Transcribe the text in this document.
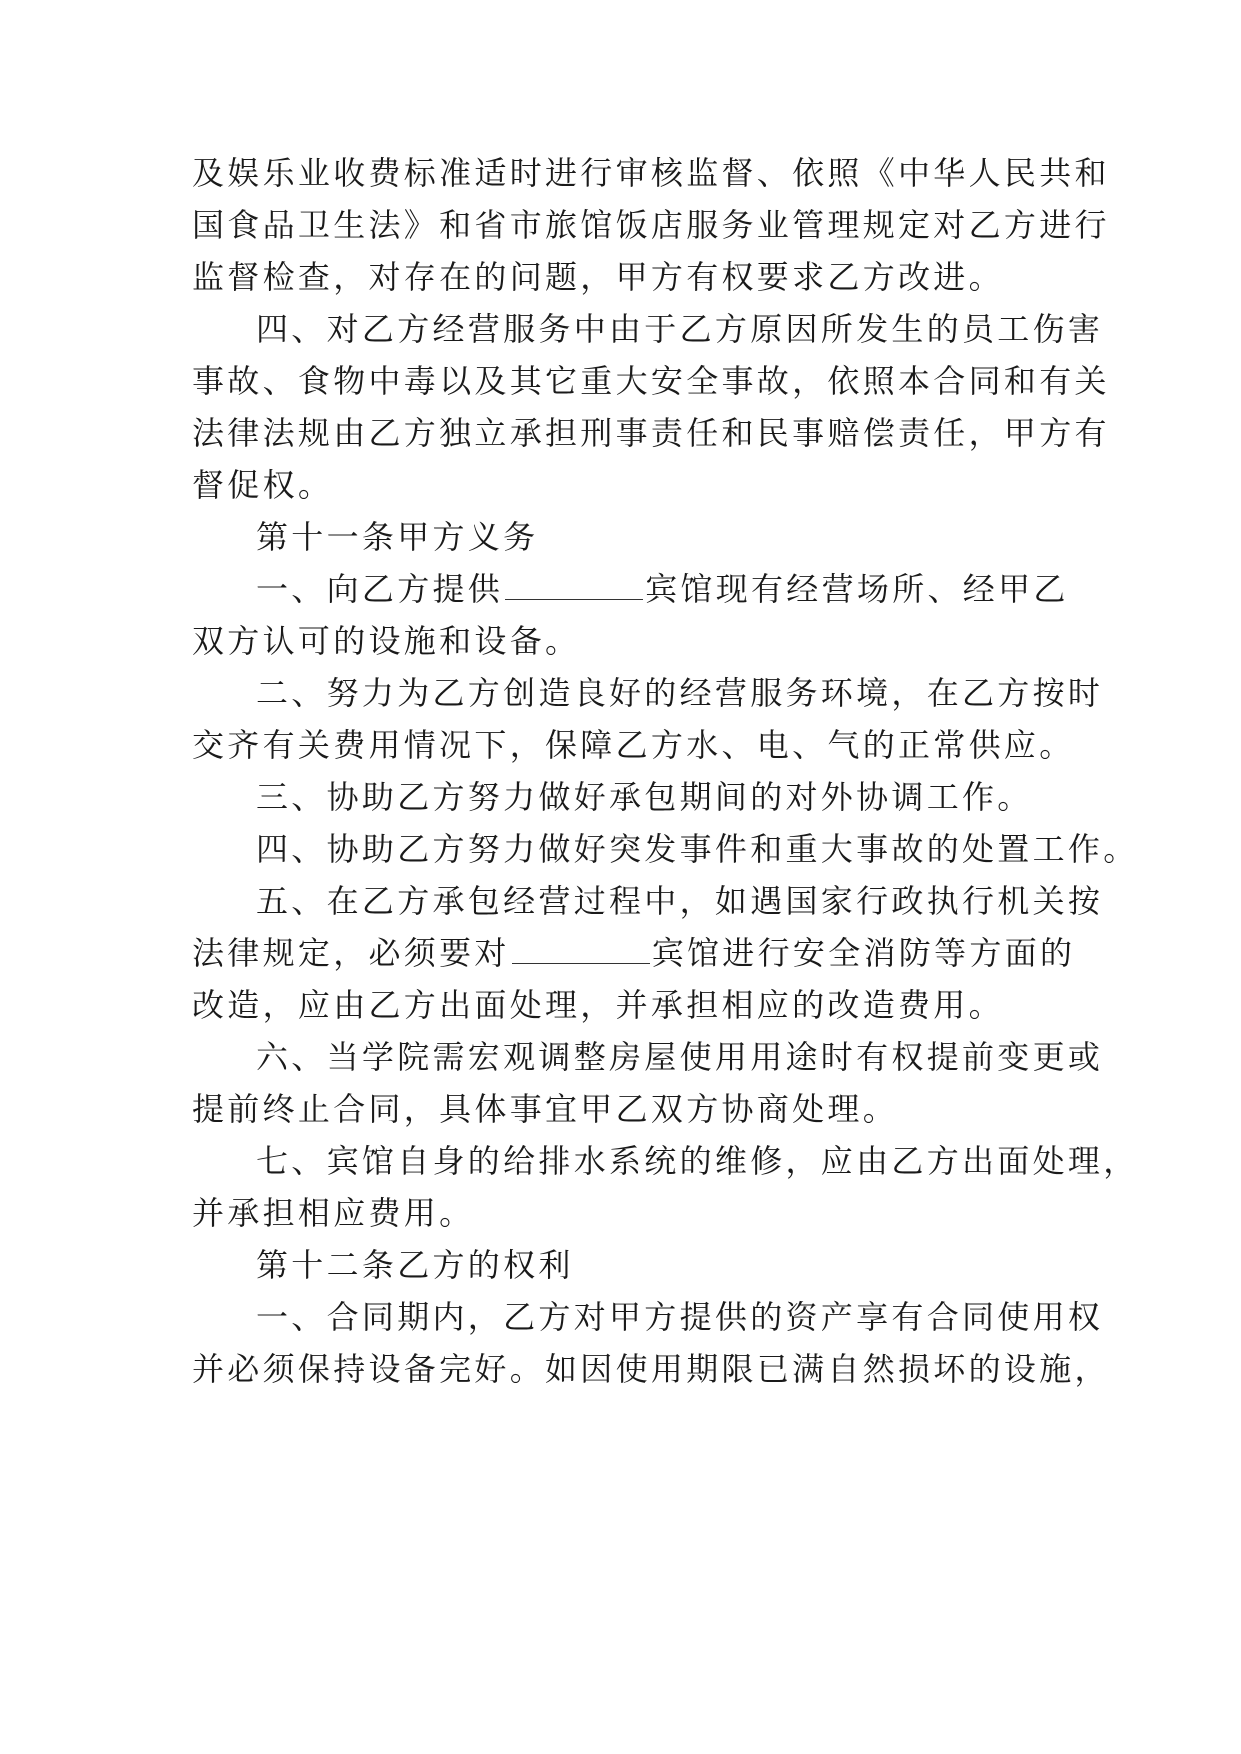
及娱乐业收费标准适时进行审核监督、依照《中华人民共和
国食品卫生法》和省市旅馆饭店服务业管理规定对乙方进行
监督检查，对存在的问题，甲方有权要求乙方改进。
四、对乙方经营服务中由于乙方原因所发生的员工伤害
事故、食物中毒以及其它重大安全事故，依照本合同和有关
法律法规由乙方独立承担刑事责任和民事赔偿责任，甲方有
督促权。
第十一条甲方义务
一、向乙方提供	宾馆现有经营场所、经甲乙
双方认可的设施和设备。
二、努力为乙方创造良好的经营服务环境，在乙方按时
交齐有关费用情况下，保障乙方水、电、气的正常供应。
三、协助乙方努力做好承包期间的对外协调工作。
四、协助乙方努力做好突发事件和重大事故的处置工作。
五、在乙方承包经营过程中，如遇国家行政执行机关按
法律规定，必须要对	宾馆进行安全消防等方面的
改造，应由乙方出面处理，并承担相应的改造费用。
六、当学院需宏观调整房屋使用用途时有权提前变更或
提前终止合同，具体事宜甲乙双方协商处理。
七、宾馆自身的给排水系统的维修，应由乙方出面处理，
并承担相应费用。
第十二条乙方的权利
一、合同期内，乙方对甲方提供的资产享有合同使用权
并必须保持设备完好。如因使用期限已满自然损坏的设施，
